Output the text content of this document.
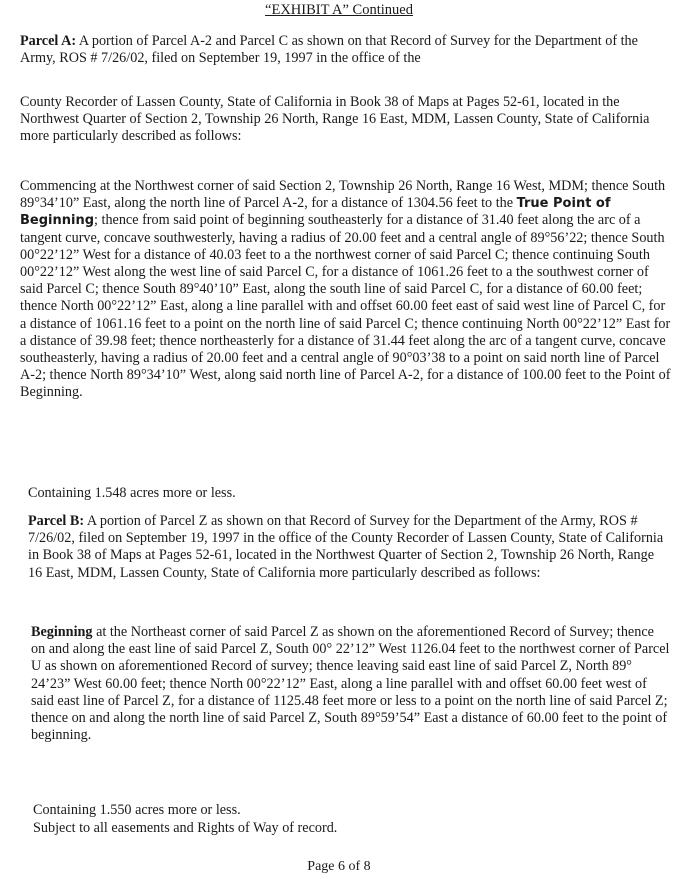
“EXHIBIT A” Continued

Parcel A: A portion of Parcel A-2 and Parcel C as shown on that Record of Survey for the Department of the Army, ROS # 7/26/02, filed on September 19, 1997 in the office of the

County Recorder of Lassen County, State of California in Book 38 of Maps at Pages 52-61, located in the Northwest Quarter of Section 2, Township 26 North, Range 16 East, MDM, Lassen County, State of California more particularly described as follows:

Commencing at the Northwest corner of said Section 2, Township 26 North, Range 16 West, MDM; thence South 89°34’10” East, along the north line of Parcel A-2, for a distance of 1304.56 feet to the True Point of Beginning; thence from said point of beginning southeasterly for a distance of 31.40 feet along the arc of a tangent curve, concave southwesterly, having a radius of 20.00 feet and a central angle of 89°56’22; thence South 00°22’12” West for a distance of 40.03 feet to a the northwest corner of said Parcel C; thence continuing South 00°22’12” West along the west line of said Parcel C, for a distance of 1061.26 feet to a the southwest corner of said Parcel C; thence South 89°40’10” East, along the south line of said Parcel C, for a distance of 60.00 feet; thence North 00°22’12” East, along a line parallel with and offset 60.00 feet east of said west line of Parcel C, for a distance of 1061.16 feet to a point on the north line of said Parcel C; thence continuing North 00°22’12” East for a distance of 39.98 feet; thence northeasterly for a distance of 31.44 feet along the arc of a tangent curve, concave southeasterly, having a radius of 20.00 feet and a central angle of 90°03’38 to a point on said north line of Parcel A-2; thence North 89°34’10” West, along said north line of Parcel A-2, for a distance of 100.00 feet to the Point of Beginning.

Containing 1.548 acres more or less.

Parcel B: A portion of Parcel Z as shown on that Record of Survey for the Department of the Army, ROS # 7/26/02, filed on September 19, 1997 in the office of the County Recorder of Lassen County, State of California in Book 38 of Maps at Pages 52-61, located in the Northwest Quarter of Section 2, Township 26 North, Range 16 East, MDM, Lassen County, State of California more particularly described as follows:

Beginning at the Northeast corner of said Parcel Z as shown on the aforementioned Record of Survey; thence on and along the east line of said Parcel Z, South 00° 22’12” West 1126.04 feet to the northwest corner of Parcel U as shown on aforementioned Record of survey; thence leaving said east line of said Parcel Z, North 89° 24’23” West 60.00 feet; thence North 00°22’12” East, along a line parallel with and offset 60.00 feet west of said east line of Parcel Z, for a distance of 1125.48 feet more or less to a point on the north line of said Parcel Z; thence on and along the north line of said Parcel Z, South 89°59’54” East a distance of 60.00 feet to the point of beginning.

Containing 1.550 acres more or less.

Subject to all easements and Rights of Way of record.

Page 6 of 8
